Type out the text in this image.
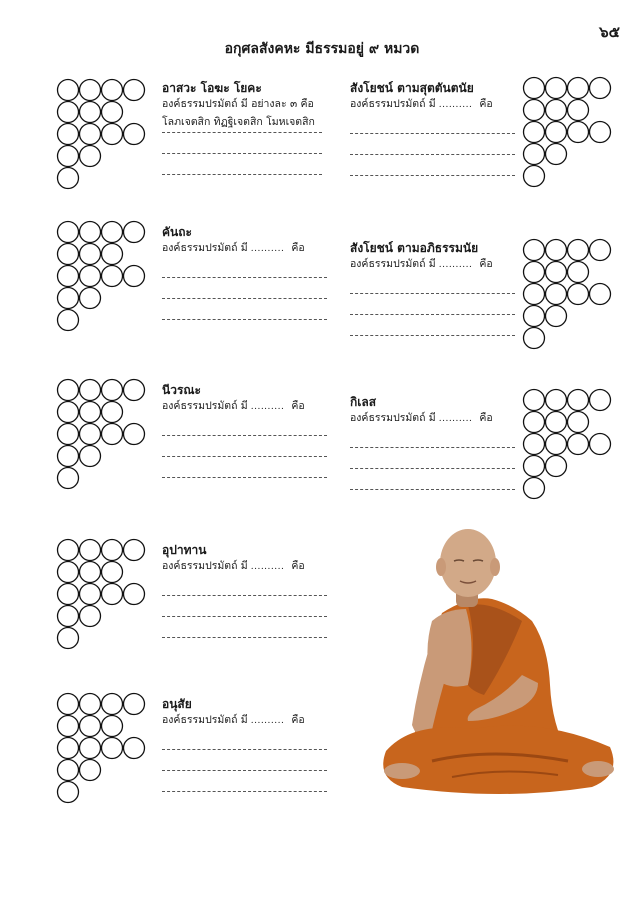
๖๕
อกุศลสังคหะ มีธรรมอยู่ ๙ หมวด
อาสวะ โอฆะ โยคะ
องค์ธรรมปรมัตถ์ มี อย่างละ ๓ คือ
โลภเจตสิก ทิฏฐิเจตสิก โมหเจตสิก
คันถะ
องค์ธรรมปรมัตถ์ มี .......... คือ
นีวรณะ
องค์ธรรมปรมัตถ์ มี .......... คือ
อุปาทาน
องค์ธรรมปรมัตถ์ มี .......... คือ
อนุสัย
องค์ธรรมปรมัตถ์ มี .......... คือ
สังโยชน์ ตามสุตตันตนัย
องค์ธรรมปรมัตถ์ มี .......... คือ
สังโยชน์ ตามอภิธรรมนัย
องค์ธรรมปรมัตถ์ มี .......... คือ
กิเลส
องค์ธรรมปรมัตถ์ มี .......... คือ
